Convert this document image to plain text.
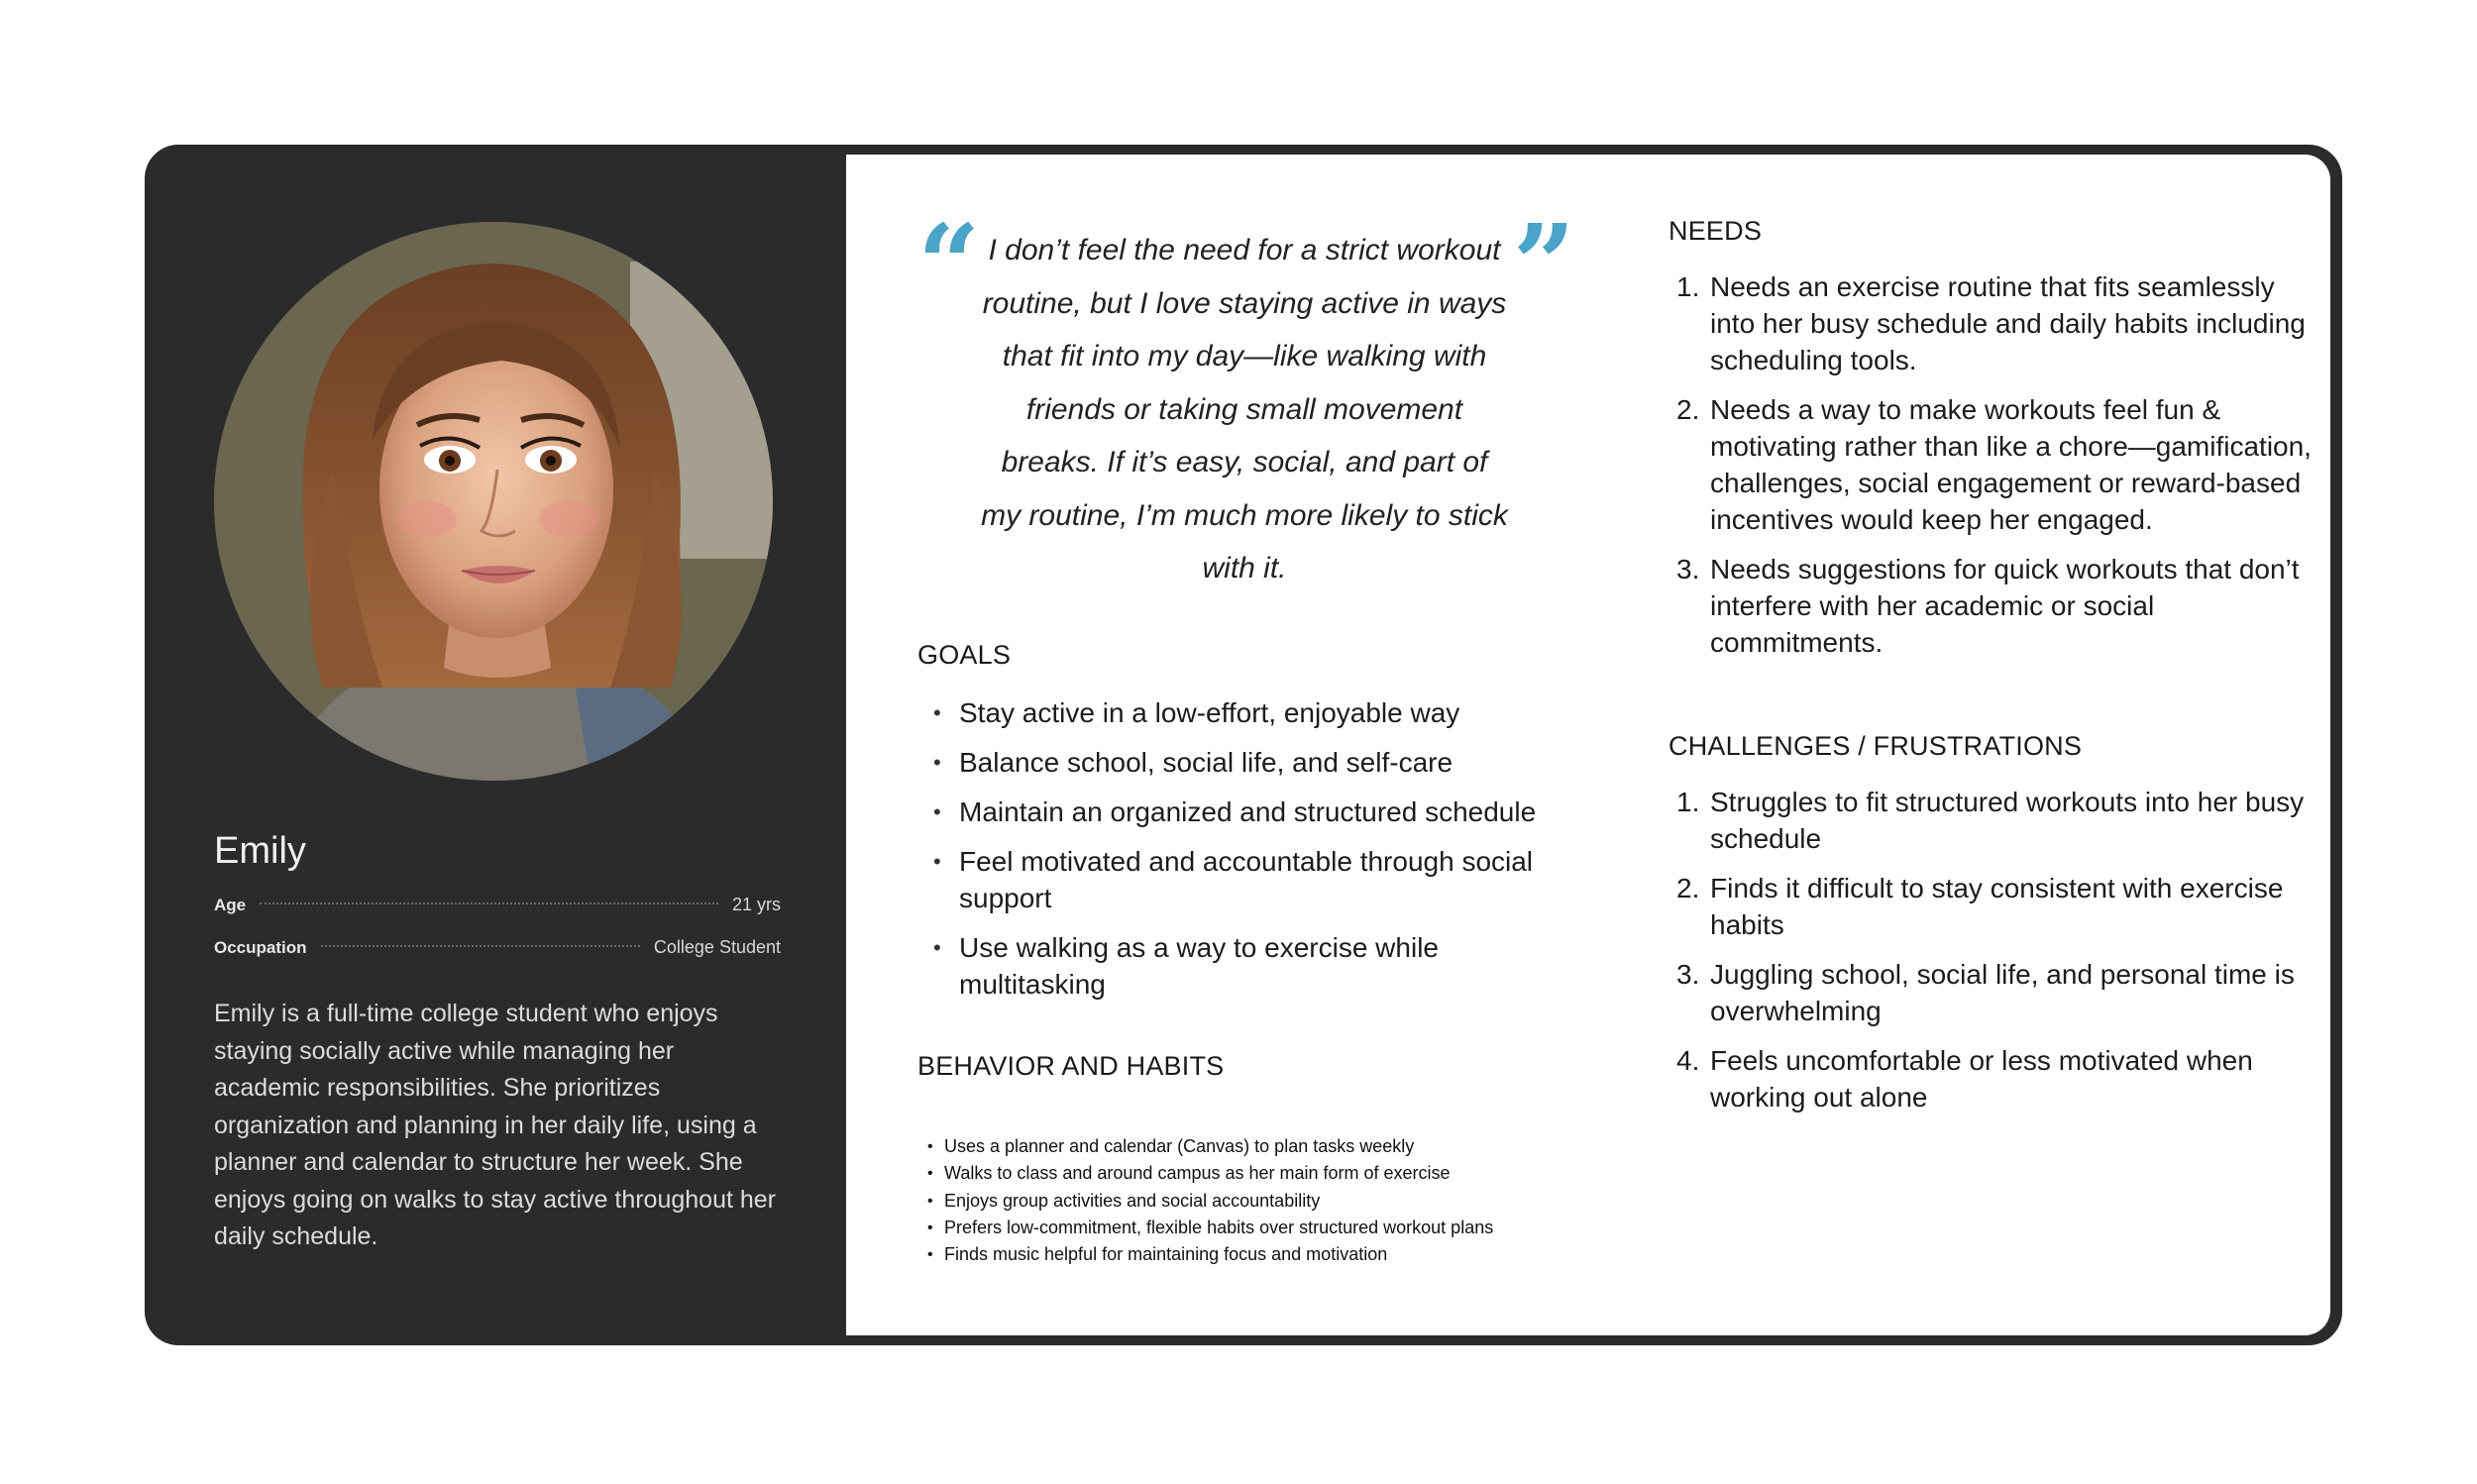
Emily
Age	21 yrs
Occupation	College Student

Emily is a full-time college student who enjoys staying socially active while managing her academic responsibilities. She prioritizes organization and planning in her daily life, using a planner and calendar to structure her week. She enjoys going on walks to stay active throughout her daily schedule.

“	”

I don’t feel the need for a strict workout routine, but I love staying active in ways that fit into my day—like walking with friends or taking small movement breaks. If it’s easy, social, and part of my routine, I’m much more likely to stick with it.

GOALS
• Stay active in a low-effort, enjoyable way
• Balance school, social life, and self-care
• Maintain an organized and structured schedule
• Feel motivated and accountable through social support
• Use walking as a way to exercise while multitasking
BEHAVIOR AND HABITS
• Uses a planner and calendar (Canvas) to plan tasks weekly
• Walks to class and around campus as her main form of exercise
• Enjoys group activities and social accountability
• Prefers low-commitment, flexible habits over structured workout plans
• Finds music helpful for maintaining focus and motivation
NEEDS
1. Needs an exercise routine that fits seamlessly into her busy schedule and daily habits including scheduling tools.
2. Needs a way to make workouts feel fun & motivating rather than like a chore—gamification, challenges, social engagement or reward-based incentives would keep her engaged.
3. Needs suggestions for quick workouts that don’t interfere with her academic or social commitments.
CHALLENGES / FRUSTRATIONS
1. Struggles to fit structured workouts into her busy schedule
2. Finds it difficult to stay consistent with exercise habits
3. Juggling school, social life, and personal time is overwhelming
4. Feels uncomfortable or less motivated when working out alone
